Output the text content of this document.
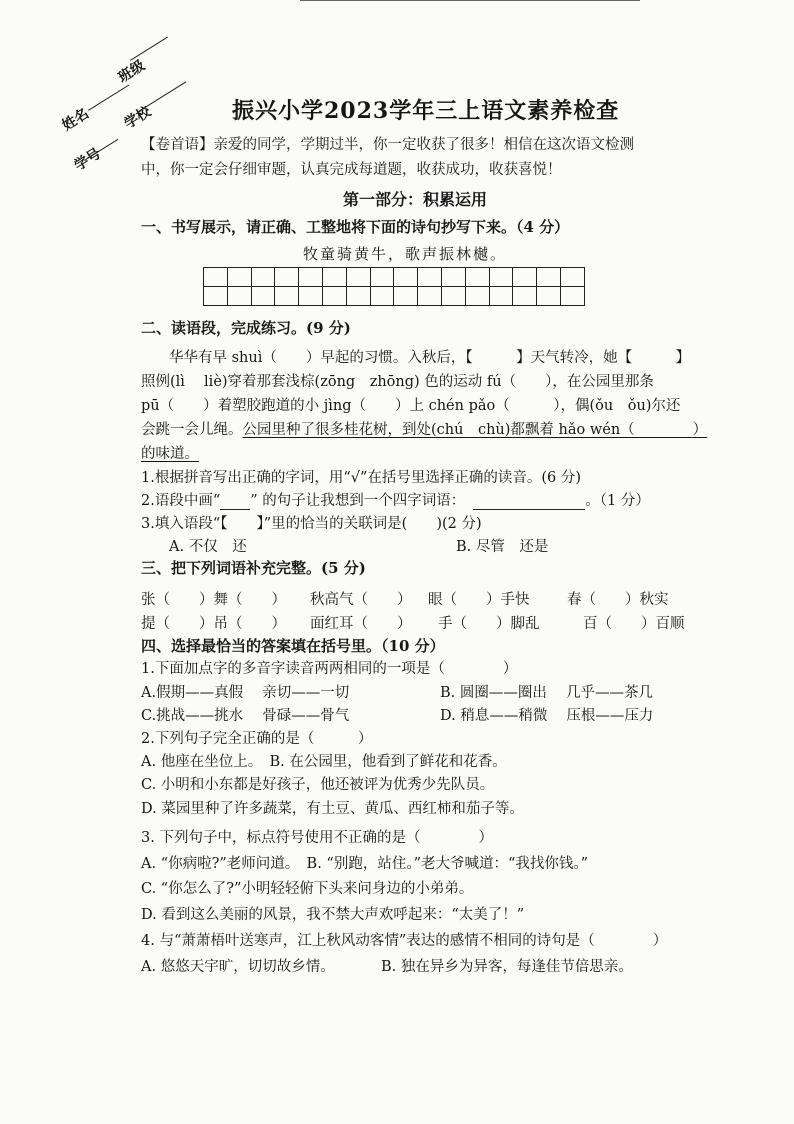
姓名
班级
学号
学校	振兴小学2023学年三上语文素养检查
【卷首语】亲爱的同学，学期过半，你一定收获了很多！相信在这次语文检测
中，你一定会仔细审题，认真完成每道题，收获成功，收获喜悦！
第一部分：积累运用
一、书写展示，请正确、工整地将下面的诗句抄写下来。（4 分）
牧童骑黄牛，歌声振林樾。

二、读语段，完成练习。(9 分)
华华有早 shuì（　　）早起的习惯。入秋后，【　　　】天气转冷，她【　　　】
照例(lì　 liè)穿着那套浅棕(zōng　zhōng) 色的运动 fú（　　），在公园里那条
pū（　　）着塑胶跑道的小 jìng（　　）上 chén pǎo（　　　），偶(ǒu　ǒu)尔还
会跳一会儿绳。公园里种了很多桂花树，到处(chú　chù)都飘着 hǎo wén（　　　　）
的味道。
1.根据拼音写出正确的字词，用“√”在括号里选择正确的读音。(6 分)
2.语段中画“ ” 的句子让我想到一个四字词语：	。（1 分）
3.填入语段“【　　】”里的恰当的关联词是(　　)(2 分)
A. 不仅　还	B. 尽管　还是
三、把下列词语补充完整。(5 分)
张（　　）舞（　　） 秋高气（　　） 眼（　　）手快	春（　　）秋实
提（　　）吊（　　） 面红耳（　　） 手（　　）脚乱	百（　　）百顺
四、选择最恰当的答案填在括号里。（10 分）
1.下面加点字的多音字读音两两相同的一项是（　　　　）
A.假期——真假　 亲切——一切	B. 圆圈——圈出　 几乎——茶几
C.挑战——挑水　 骨碌——骨气	D. 稍息——稍微　 压根——压力
2.下列句子完全正确的是（　　　）
A. 他座在坐位上。　B. 在公园里，他看到了鲜花和花香。
C. 小明和小东都是好孩子，他还被评为优秀少先队员。
D. 菜园里种了许多蔬菜，有土豆、黄瓜、西红柿和茄子等。
3. 下列句子中，标点符号使用不正确的是（　　　　）
A. “你病啦?”老师问道。　B. “别跑，站住。”老大爷喊道：“我找你钱。”
C. “你怎么了?”小明轻轻俯下头来问身边的小弟弟。
D. 看到这么美丽的风景，我不禁大声欢呼起来：“太美了！”
4. 与“萧萧梧叶送寒声，江上秋风动客情”表达的感情不相同的诗句是（　　　　）
A. 悠悠天宇旷，切切故乡情。	B. 独在异乡为异客，每逢佳节倍思亲。
